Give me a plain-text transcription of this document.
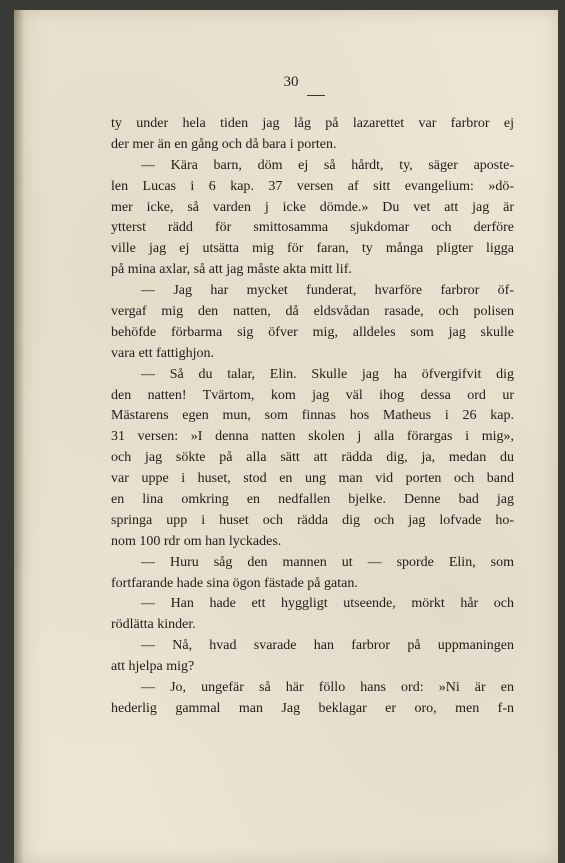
30
ty under hela tiden jag låg på lazarettet var farbror ej
der mer än en gång och då bara i porten.
— Kära barn, döm ej så hårdt, ty, säger aposte-
len Lucas i 6 kap. 37 versen af sitt evangelium: »dö-
mer icke, så varden j icke dömde.» Du vet att jag är
ytterst rädd för smittosamma sjukdomar och derföre
ville jag ej utsätta mig för faran, ty många pligter ligga
på mina axlar, så att jag måste akta mitt lif.
— Jag har mycket funderat, hvarföre farbror öf-
vergaf mig den natten, då eldsvådan rasade, och polisen
behöfde förbarma sig öfver mig, alldeles som jag skulle
vara ett fattighjon.
— Så du talar, Elin. Skulle jag ha öfvergifvit dig
den natten! Tvärtom, kom jag väl ihog dessa ord ur
Mästarens egen mun, som finnas hos Matheus i 26 kap.
31 versen: »I denna natten skolen j alla förargas i mig»,
och jag sökte på alla sätt att rädda dig, ja, medan du
var uppe i huset, stod en ung man vid porten och band
en lina omkring en nedfallen bjelke. Denne bad jag
springa upp i huset och rädda dig och jag lofvade ho-
nom 100 rdr om han lyckades.
— Huru såg den mannen ut — sporde Elin, som
fortfarande hade sina ögon fästade på gatan.
— Han hade ett hyggligt utseende, mörkt hår och
rödlätta kinder.
— Nå, hvad svarade han farbror på uppmaningen
att hjelpa mig?
— Jo, ungefär så här föllo hans ord: »Ni är en
hederlig gammal man Jag beklagar er oro, men f-n
